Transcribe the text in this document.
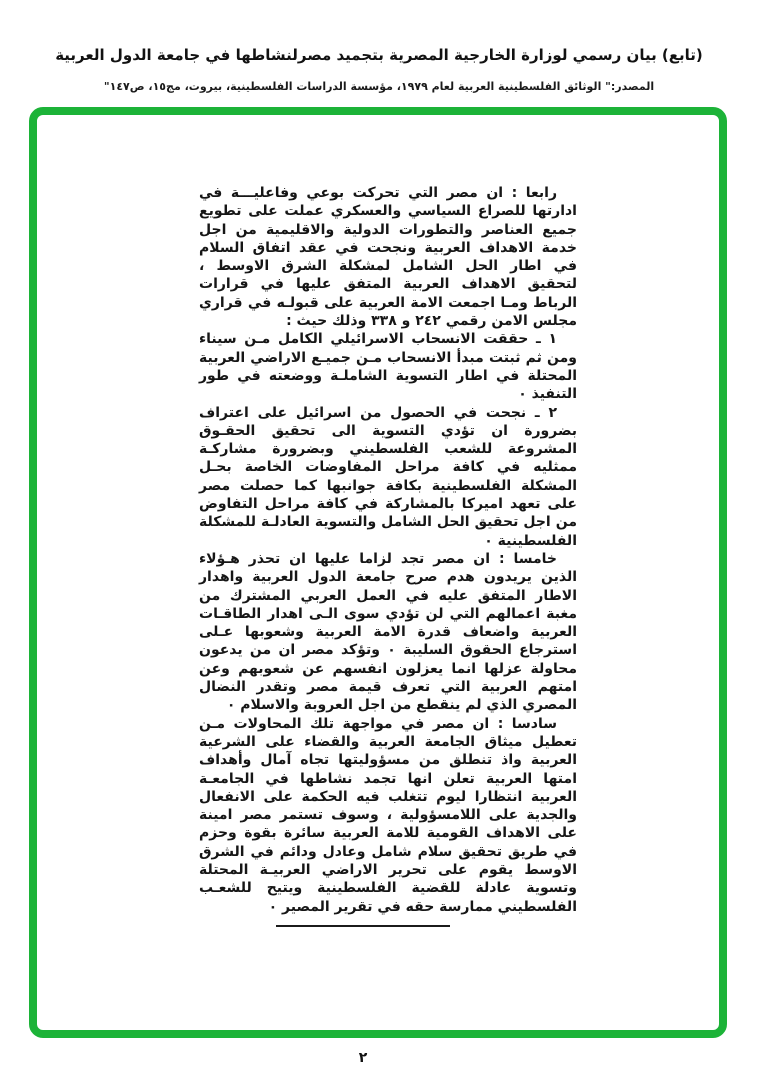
(تابع) بيان رسمي لوزارة الخارجية المصرية بتجميد مصرلنشاطها في جامعة الدول العربية
المصدر:" الوثائق الفلسطينية العربية لعام ١٩٧٩، مؤسسة الدراسات الفلسطينية، بيروت، مج١٥، ص١٤٧"

رابعا : ان مصر التي تحركت بوعي وفاعليـــة في ادارتها للصراع السياسي والعسكري عملت على تطويع جميع العناصر والتطورات الدولية والاقليمية من اجل خدمة الاهداف العربية ونجحت في عقد اتفاق السلام في اطار الحل الشامل لمشكلة الشرق الاوسط ، لتحقيق الاهداف العربية المتفق عليها في قرارات الرباط ومـا اجمعت الامة العربية على قبولـه في قراري مجلس الامن رقمي ٢٤٢ و ٣٣٨ وذلك حيث :

١ ـ حققت الانسحاب الاسرائيلي الكامل مـن سيناء ومن ثم ثبتت مبدأ الانسحاب مـن جميـع الاراضي العربية المحتلة في اطار التسوية الشاملـة ووضعته في طور التنفيذ ٠

٢ ـ نجحت في الحصول من اسرائيل على اعتراف بضرورة ان تؤدي التسوية الى تحقيق الحقـوق المشروعة للشعب الفلسطيني وبضرورة مشاركـة ممثليه في كافة مراحل المفاوضات الخاصة بحـل المشكلة الفلسطينية بكافة جوانبها كما حصلت مصر على تعهد اميركا بالمشاركة في كافة مراحل التفاوض من اجل تحقيق الحل الشامل والتسوية العادلـة للمشكلة الفلسطينية ٠

خامسا : ان مصر تجد لزاما عليها ان تحذر هـؤلاء الذين يريدون هدم صرح جامعة الدول العربية واهدار الاطار المتفق عليه في العمل العربي المشترك من مغبة اعمالهم التي لن تؤدي سوى الـى اهدار الطاقـات العربية واضعاف قدرة الامة العربية وشعوبها عـلى استرجاع الحقوق السليبة ٠ وتؤكد مصر ان من يدعون محاولة عزلها انما يعزلون انفسهم عن شعوبهم وعن امتهم العربية التي تعرف قيمة مصر وتقدر النضال المصري الذي لم ينقطع من اجل العروبة والاسلام ٠

سادسا : ان مصر في مواجهة تلك المحاولات مـن تعطيل ميثاق الجامعة العربية والقضاء على الشرعية العربية واذ تنطلق من مسؤوليتها تجاه آمال وأهداف امتها العربية تعلن انها تجمد نشاطها في الجامعـة العربية انتظارا ليوم تتغلب فيه الحكمة على الانفعال والجدية على اللامسؤولية ، وسوف تستمر مصر امينة على الاهداف القومية للامة العربية سائرة بقوة وحزم في طريق تحقيق سلام شامل وعادل ودائم في الشرق الاوسط يقوم على تحرير الاراضي العربيـة المحتلة وتسوية عادلة للقضية الفلسطينية ويتيح للشعـب الفلسطيني ممارسة حقه في تقرير المصير ٠

٢
